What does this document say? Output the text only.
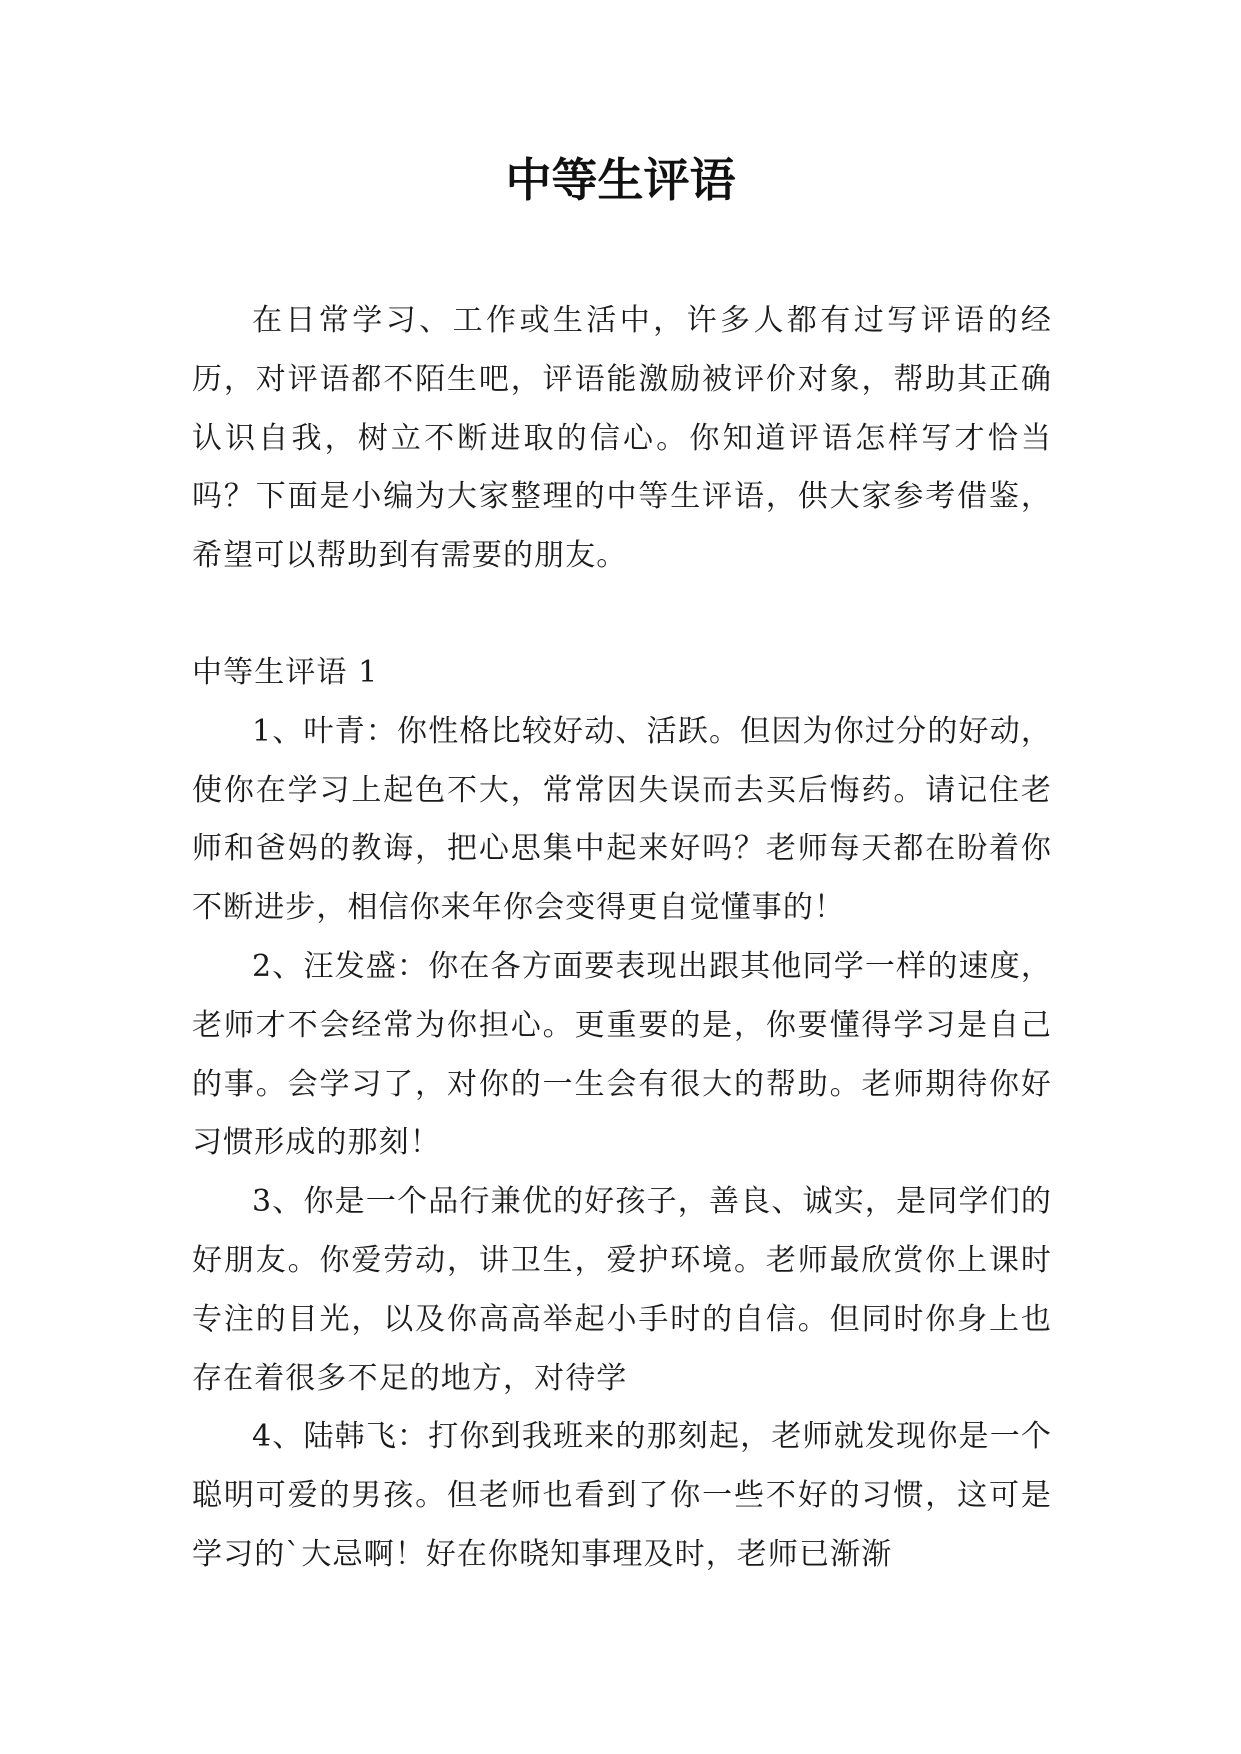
中等生评语

在日常学习、工作或生活中，许多人都有过写评语的经历，对评语都不陌生吧，评语能激励被评价对象，帮助其正确认识自我，树立不断进取的信心。你知道评语怎样写才恰当吗？下面是小编为大家整理的中等生评语，供大家参考借鉴，希望可以帮助到有需要的朋友。

中等生评语 1

1、叶青：你性格比较好动、活跃。但因为你过分的好动，使你在学习上起色不大，常常因失误而去买后悔药。请记住老师和爸妈的教诲，把心思集中起来好吗？老师每天都在盼着你不断进步，相信你来年你会变得更自觉懂事的！

2、汪发盛：你在各方面要表现出跟其他同学一样的速度，老师才不会经常为你担心。更重要的是，你要懂得学习是自己的事。会学习了，对你的一生会有很大的帮助。老师期待你好习惯形成的那刻！

3、你是一个品行兼优的好孩子，善良、诚实，是同学们的好朋友。你爱劳动，讲卫生，爱护环境。老师最欣赏你上课时专注的目光，以及你高高举起小手时的自信。但同时你身上也存在着很多不足的地方，对待学

4、陆韩飞：打你到我班来的那刻起，老师就发现你是一个聪明可爱的男孩。但老师也看到了你一些不好的习惯，这可是学习的`大忌啊！好在你晓知事理及时，老师已渐渐
